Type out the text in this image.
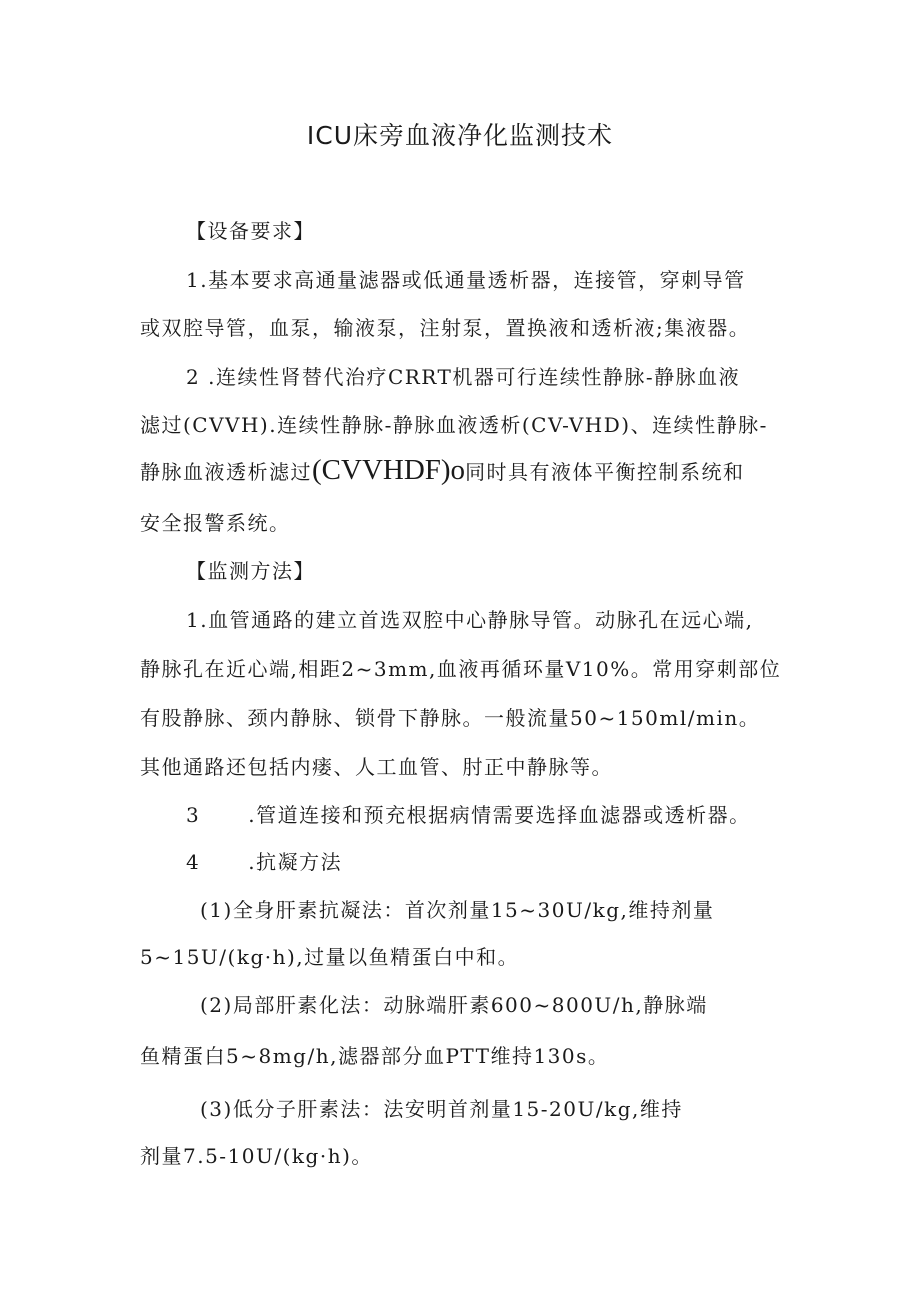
ICU床旁血液净化监测技术
【设备要求】
1.基本要求高通量滤器或低通量透析器，连接管，穿刺导管
或双腔导管，血泵，输液泵，注射泵，置换液和透析液;集液器。
2 .连续性肾替代治疗CRRT机器可行连续性静脉-静脉血液
滤过(CVVH).连续性静脉-静脉血液透析(CV-VHD)、连续性静脉-
静脉血液透析滤过(CVVHDF)o同时具有液体平衡控制系统和
安全报警系统。
【监测方法】
1.血管通路的建立首选双腔中心静脉导管。动脉孔在远心端,
静脉孔在近心端,相距2~3mm,血液再循环量V10%。常用穿刺部位
有股静脉、颈内静脉、锁骨下静脉。一般流量50~150ml/min。
其他通路还包括内瘘、人工血管、肘正中静脉等。
3 .管道连接和预充根据病情需要选择血滤器或透析器。
4 .抗凝方法
(1)全身肝素抗凝法：首次剂量15~30U/kg,维持剂量
5~15U/(kg·h),过量以鱼精蛋白中和。
(2)局部肝素化法：动脉端肝素600~800U/h,静脉端
鱼精蛋白5~8mg/h,滤器部分血PTT维持130s。
(3)低分子肝素法：法安明首剂量15-20U/kg,维持
剂量7.5-10U/(kg·h)。
